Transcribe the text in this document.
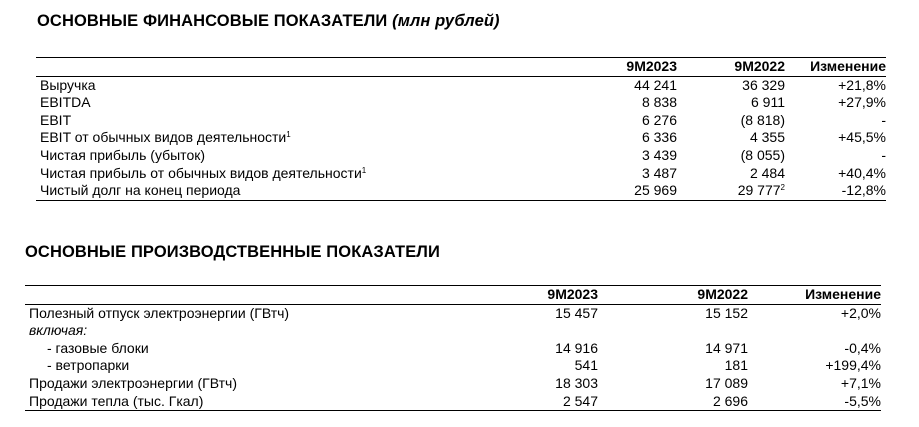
ОСНОВНЫЕ ФИНАНСОВЫЕ ПОКАЗАТЕЛИ (млн рублей)
	9М2023	9М2022	Изменение
Выручка	44 241	36 329	+21,8%
EBITDA	8 838	6 911	+27,9%
EBIT	6 276	(8 818)	-
EBIT от обычных видов деятельности$^1$	6 336	4 355	+45,5%
Чистая прибыль (убыток)	3 439	(8 055)	-
Чистая прибыль от обычных видов деятельности$^1$	3 487	2 484	+40,4%
Чистый долг на конец периода	25 969	29 $777^2$	-12,8%
ОСНОВНЫЕ ПРОИЗВОДСТВЕННЫЕ ПОКАЗАТЕЛИ
	9М2023	9М2022	Изменение
Полезный отпуск электроэнергии (ГВтч)	15 457	15 152	+2,0%
включая:			
- газовые блоки	14 916	14 971	-0,4%
- ветропарки	541	181	+199,4%
Продажи электроэнергии (ГВтч)	18 303	17 089	+7,1%
Продажи тепла (тыс. Гкал)	2 547	2 696	-5,5%
